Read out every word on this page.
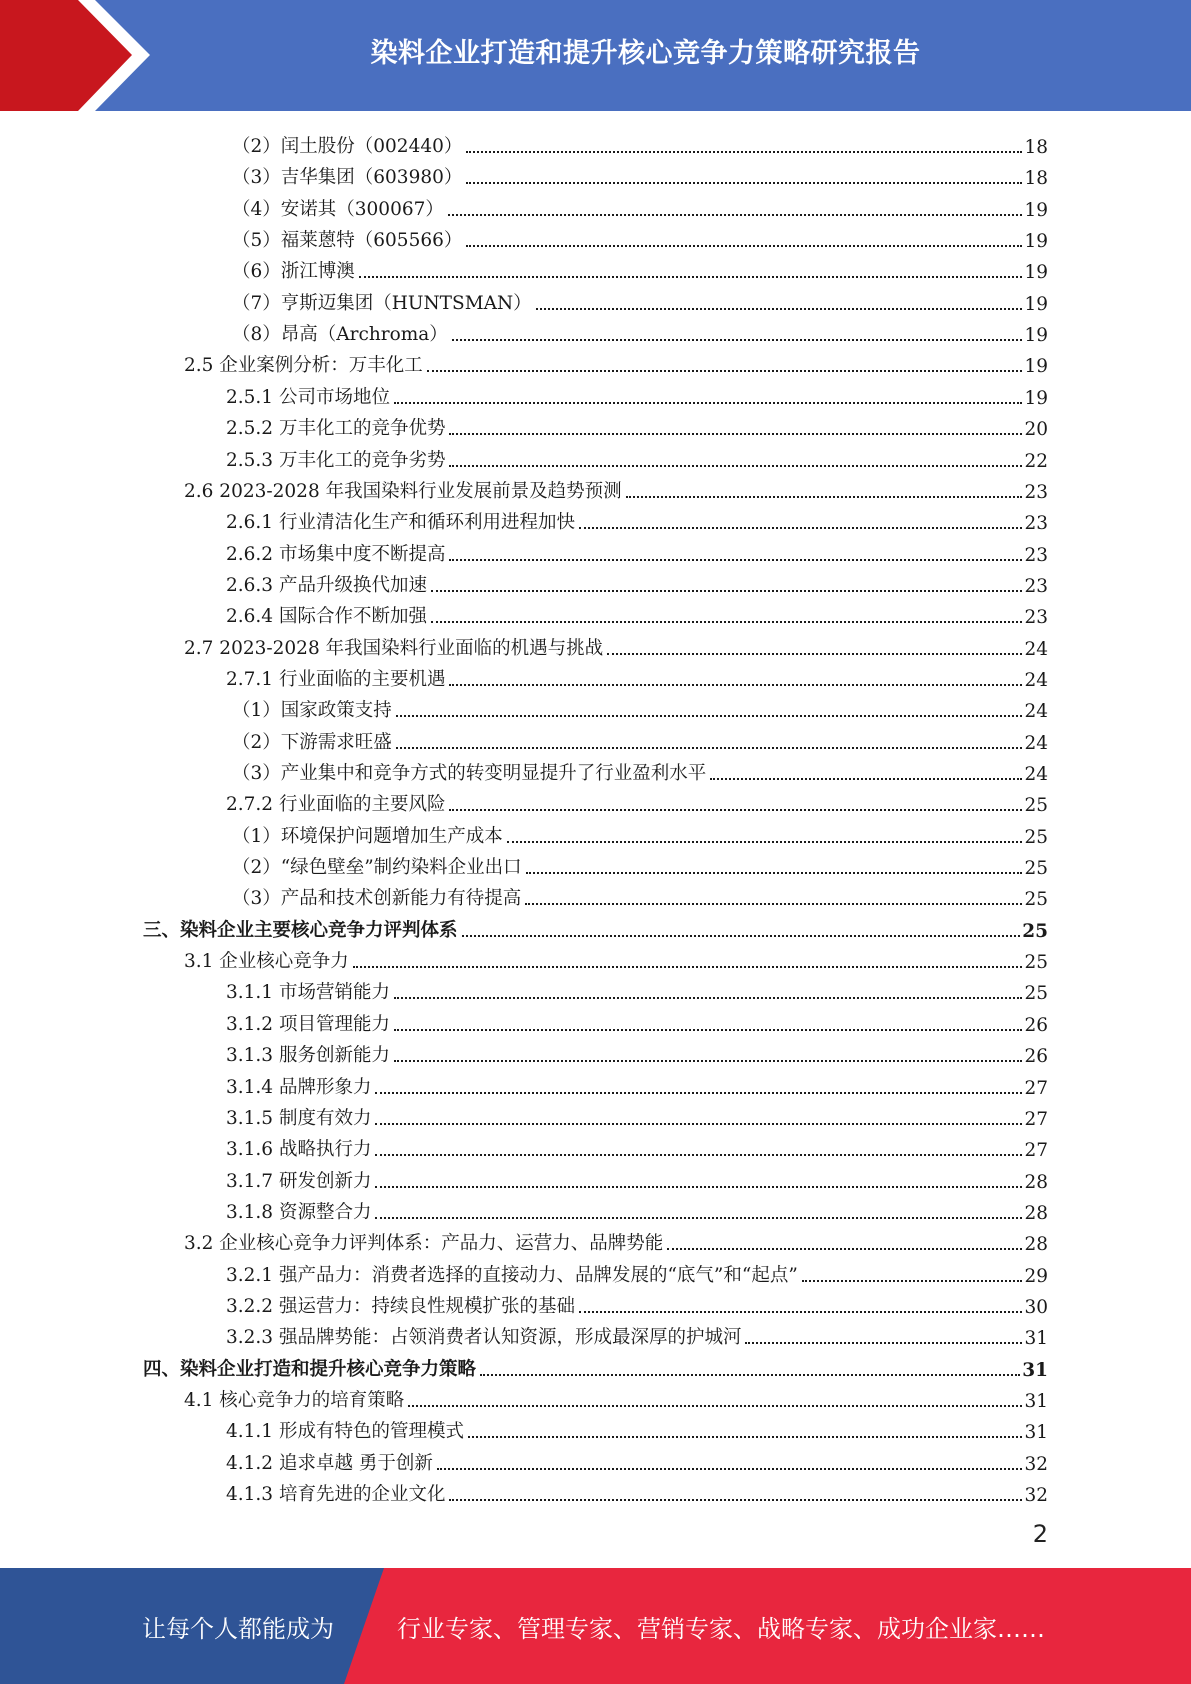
染料企业打造和提升核心竞争力策略研究报告
（2）闰土股份（002440）	18
（3）吉华集团（603980）	18
（4）安诺其（300067）	19
（5）福莱蒽特（605566）	19
（6）浙江博澳	19
（7）亨斯迈集团（HUNTSMAN）	19
（8）昂高（Archroma）	19
2.5 企业案例分析：万丰化工	19
2.5.1 公司市场地位	19
2.5.2 万丰化工的竞争优势	20
2.5.3 万丰化工的竞争劣势	22
2.6 2023-2028 年我国染料行业发展前景及趋势预测	23
2.6.1 行业清洁化生产和循环利用进程加快	23
2.6.2 市场集中度不断提高	23
2.6.3 产品升级换代加速	23
2.6.4 国际合作不断加强	23
2.7 2023-2028 年我国染料行业面临的机遇与挑战	24
2.7.1 行业面临的主要机遇	24
（1）国家政策支持	24
（2）下游需求旺盛	24
（3）产业集中和竞争方式的转变明显提升了行业盈利水平	24
2.7.2 行业面临的主要风险	25
（1）环境保护问题增加生产成本	25
（2）“绿色壁垒”制约染料企业出口	25
（3）产品和技术创新能力有待提高	25
三、染料企业主要核心竞争力评判体系	25
3.1 企业核心竞争力	25
3.1.1 市场营销能力	25
3.1.2 项目管理能力	26
3.1.3 服务创新能力	26
3.1.4 品牌形象力	27
3.1.5 制度有效力	27
3.1.6 战略执行力	27
3.1.7 研发创新力	28
3.1.8 资源整合力	28
3.2 企业核心竞争力评判体系：产品力、运营力、品牌势能	28
3.2.1 强产品力：消费者选择的直接动力、品牌发展的“底气”和“起点”	29
3.2.2 强运营力：持续良性规模扩张的基础	30
3.2.3 强品牌势能：占领消费者认知资源，形成最深厚的护城河	31
四、染料企业打造和提升核心竞争力策略	31
4.1 核心竞争力的培育策略	31
4.1.1 形成有特色的管理模式	31
4.1.2 追求卓越 勇于创新	32
4.1.3 培育先进的企业文化	32
2
让每个人都能成为	行业专家、管理专家、营销专家、战略专家、成功企业家……
